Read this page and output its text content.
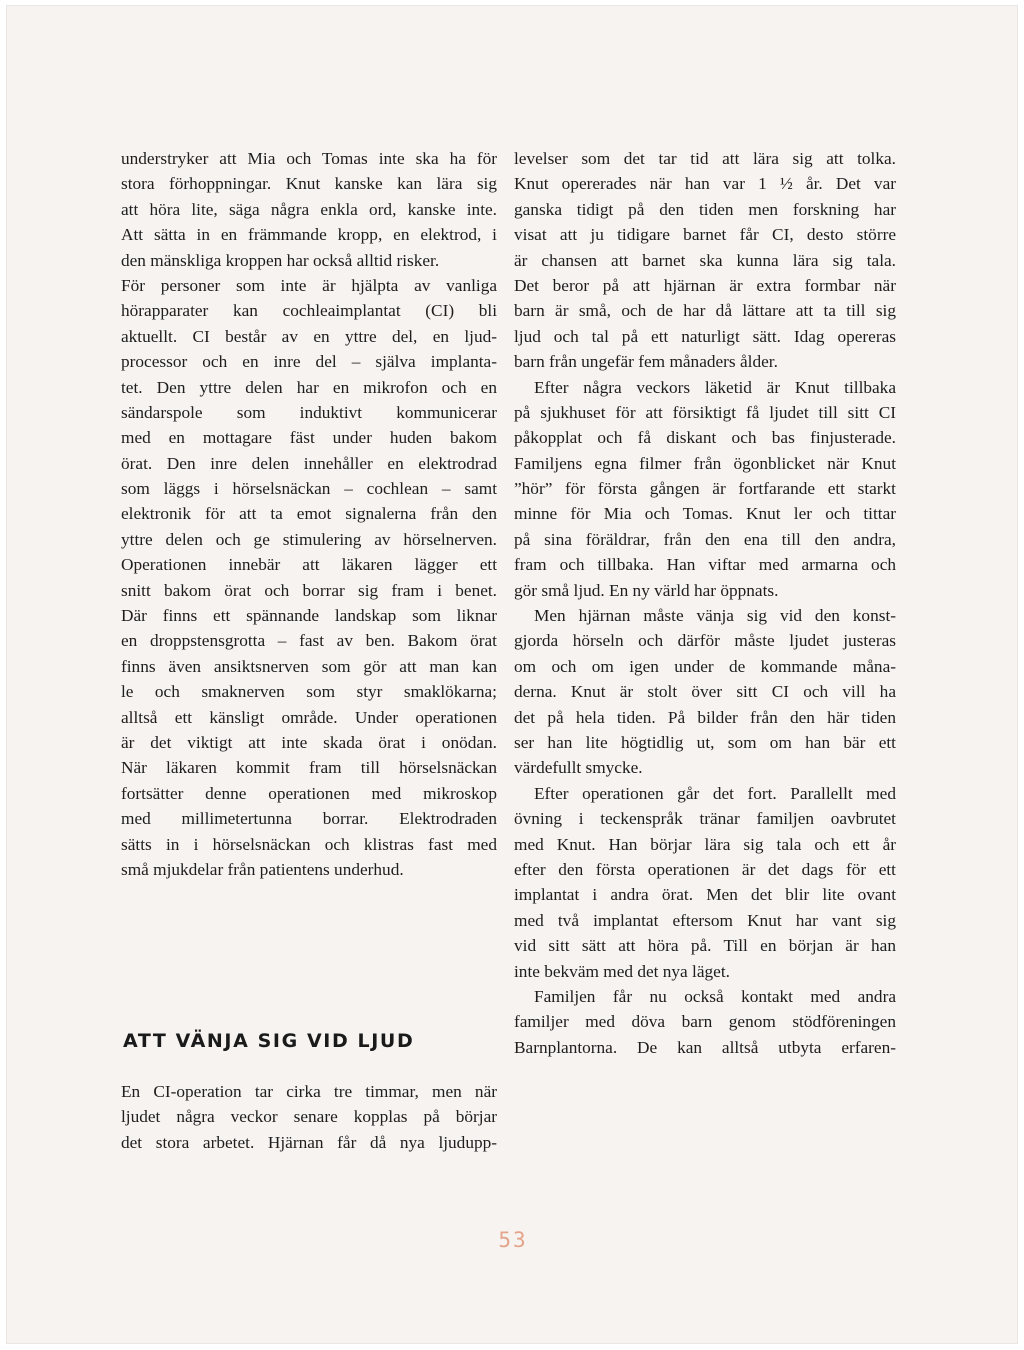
understryker att Mia och Tomas inte ska ha för
stora förhoppningar. Knut kanske kan lära sig
att höra lite, säga några enkla ord, kanske inte.
Att sätta in en främmande kropp, en elektrod, i
den mänskliga kroppen har också alltid risker.
För personer som inte är hjälpta av vanliga
hörapparater kan cochleaimplantat (CI) bli
aktuellt. CI består av en yttre del, en ljud-
processor och en inre del – själva implanta-
tet. Den yttre delen har en mikrofon och en
sändarspole som induktivt kommunicerar
med en mottagare fäst under huden bakom
örat. Den inre delen innehåller en elektrodrad
som läggs i hörselsnäckan – cochlean – samt
elektronik för att ta emot signalerna från den
yttre delen och ge stimulering av hörselnerven.
Operationen innebär att läkaren lägger ett
snitt bakom örat och borrar sig fram i benet.
Där finns ett spännande landskap som liknar
en droppstensgrotta – fast av ben. Bakom örat
finns även ansiktsnerven som gör att man kan
le och smaknerven som styr smaklökarna;
alltså ett känsligt område. Under operationen
är det viktigt att inte skada örat i onödan.
När läkaren kommit fram till hörselsnäckan
fortsätter denne operationen med mikroskop
med millimetertunna borrar. Elektrodraden
sätts in i hörselsnäckan och klistras fast med
små mjukdelar från patientens underhud.
ATT VÄNJA SIG VID LJUD
En CI-operation tar cirka tre timmar, men när
ljudet några veckor senare kopplas på börjar
det stora arbetet. Hjärnan får då nya ljudupp-
levelser som det tar tid att lära sig att tolka.
Knut opererades när han var 1 ½ år. Det var
ganska tidigt på den tiden men forskning har
visat att ju tidigare barnet får CI, desto större
är chansen att barnet ska kunna lära sig tala.
Det beror på att hjärnan är extra formbar när
barn är små, och de har då lättare att ta till sig
ljud och tal på ett naturligt sätt. Idag opereras
barn från ungefär fem månaders ålder.
Efter några veckors läketid är Knut tillbaka
på sjukhuset för att försiktigt få ljudet till sitt CI
påkopplat och få diskant och bas finjusterade.
Familjens egna filmer från ögonblicket när Knut
”hör” för första gången är fortfarande ett starkt
minne för Mia och Tomas. Knut ler och tittar
på sina föräldrar, från den ena till den andra,
fram och tillbaka. Han viftar med armarna och
gör små ljud. En ny värld har öppnats.
Men hjärnan måste vänja sig vid den konst-
gjorda hörseln och därför måste ljudet justeras
om och om igen under de kommande måna-
derna. Knut är stolt över sitt CI och vill ha
det på hela tiden. På bilder från den här tiden
ser han lite högtidlig ut, som om han bär ett
värdefullt smycke.
Efter operationen går det fort. Parallellt med
övning i teckenspråk tränar familjen oavbrutet
med Knut. Han börjar lära sig tala och ett år
efter den första operationen är det dags för ett
implantat i andra örat. Men det blir lite ovant
med två implantat eftersom Knut har vant sig
vid sitt sätt att höra på. Till en början är han
inte bekväm med det nya läget.
Familjen får nu också kontakt med andra
familjer med döva barn genom stödföreningen
Barnplantorna. De kan alltså utbyta erfaren-
53
